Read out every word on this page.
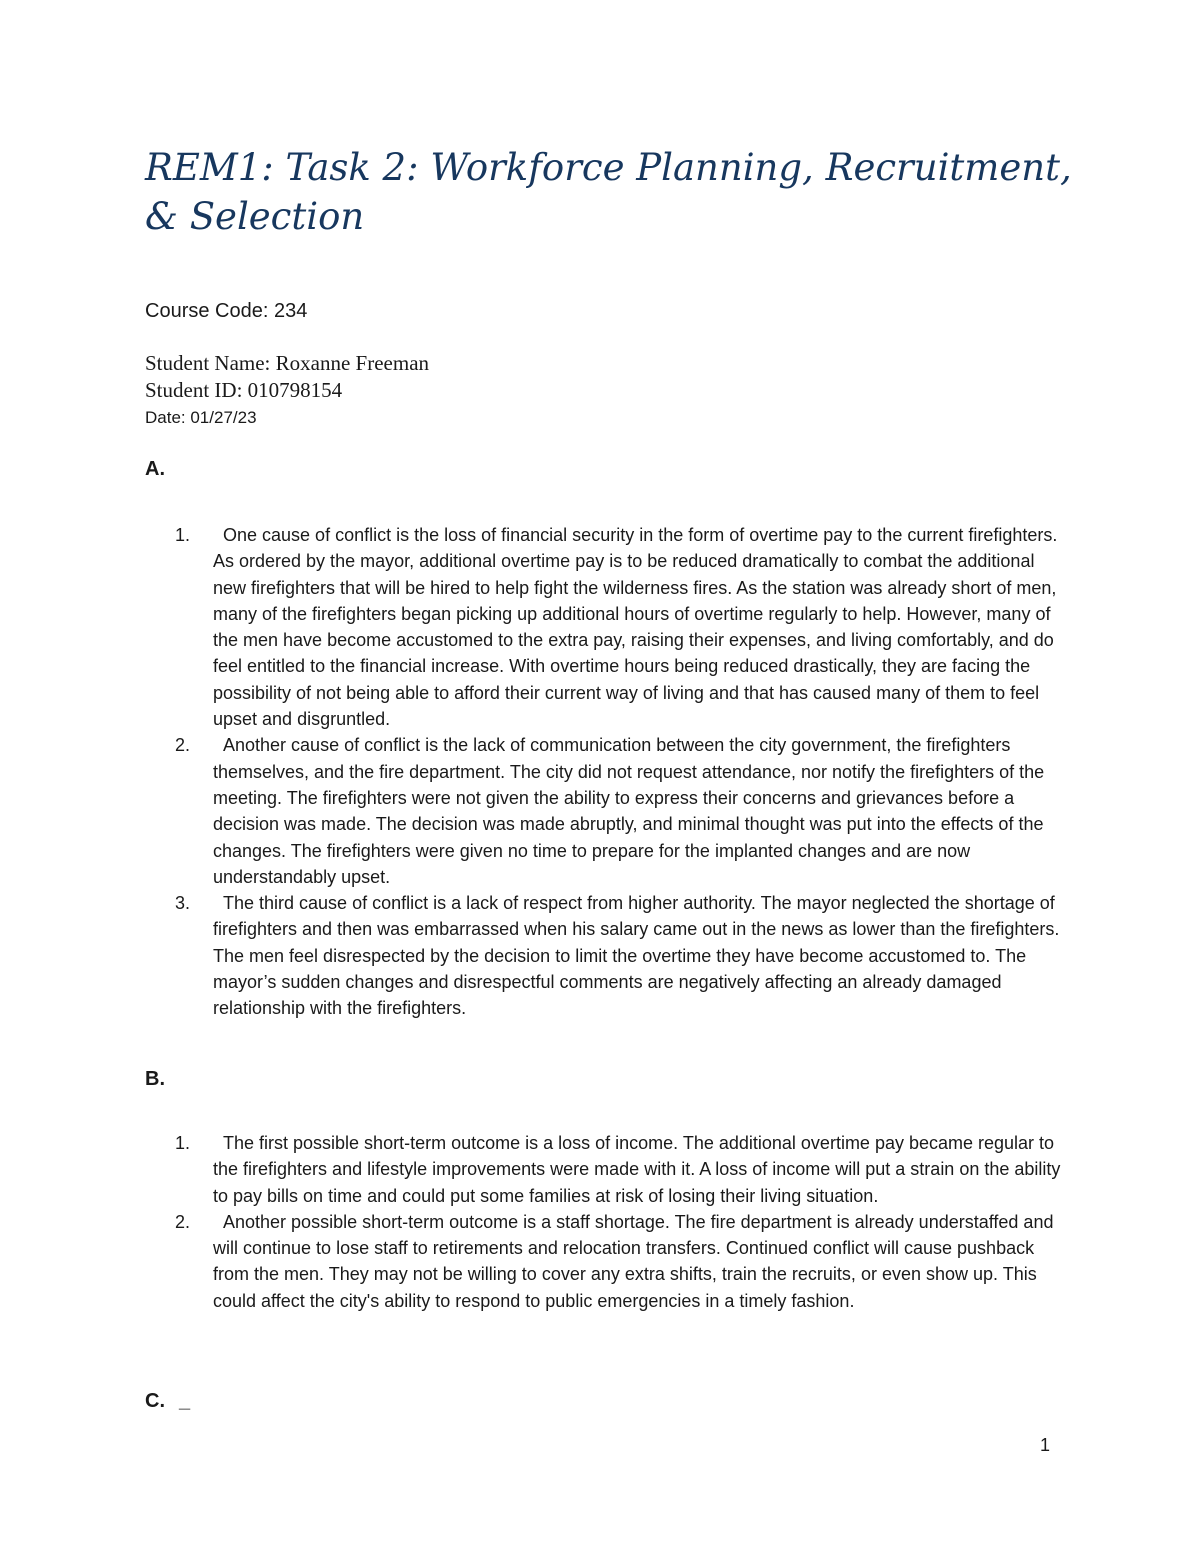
REM1: Task 2: Workforce Planning, Recruitment, & Selection
Course Code: 234
Student Name: Roxanne Freeman
Student ID: 010798154
Date: 01/27/23
A.
1.	One cause of conflict is the loss of financial security in the form of overtime pay to the current firefighters. As ordered by the mayor, additional overtime pay is to be reduced dramatically to combat the additional new firefighters that will be hired to help fight the wilderness fires. As the station was already short of men, many of the firefighters began picking up additional hours of overtime regularly to help. However, many of the men have become accustomed to the extra pay, raising their expenses, and living comfortably, and do feel entitled to the financial increase. With overtime hours being reduced drastically, they are facing the possibility of not being able to afford their current way of living and that has caused many of them to feel upset and disgruntled.
2.	Another cause of conflict is the lack of communication between the city government, the firefighters themselves, and the fire department. The city did not request attendance, nor notify the firefighters of the meeting. The firefighters were not given the ability to express their concerns and grievances before a decision was made. The decision was made abruptly, and minimal thought was put into the effects of the changes. The firefighters were given no time to prepare for the implanted changes and are now understandably upset.
3.	The third cause of conflict is a lack of respect from higher authority. The mayor neglected the shortage of firefighters and then was embarrassed when his salary came out in the news as lower than the firefighters. The men feel disrespected by the decision to limit the overtime they have become accustomed to. The mayor’s sudden changes and disrespectful comments are negatively affecting an already damaged relationship with the firefighters.
B.
1.	The first possible short-term outcome is a loss of income. The additional overtime pay became regular to the firefighters and lifestyle improvements were made with it. A loss of income will put a strain on the ability to pay bills on time and could put some families at risk of losing their living situation.
2.	Another possible short-term outcome is a staff shortage. The fire department is already understaffed and will continue to lose staff to retirements and relocation transfers. Continued conflict will cause pushback from the men. They may not be willing to cover any extra shifts, train the recruits, or even show up. This could affect the city's ability to respond to public emergencies in a timely fashion.
C. _
1
